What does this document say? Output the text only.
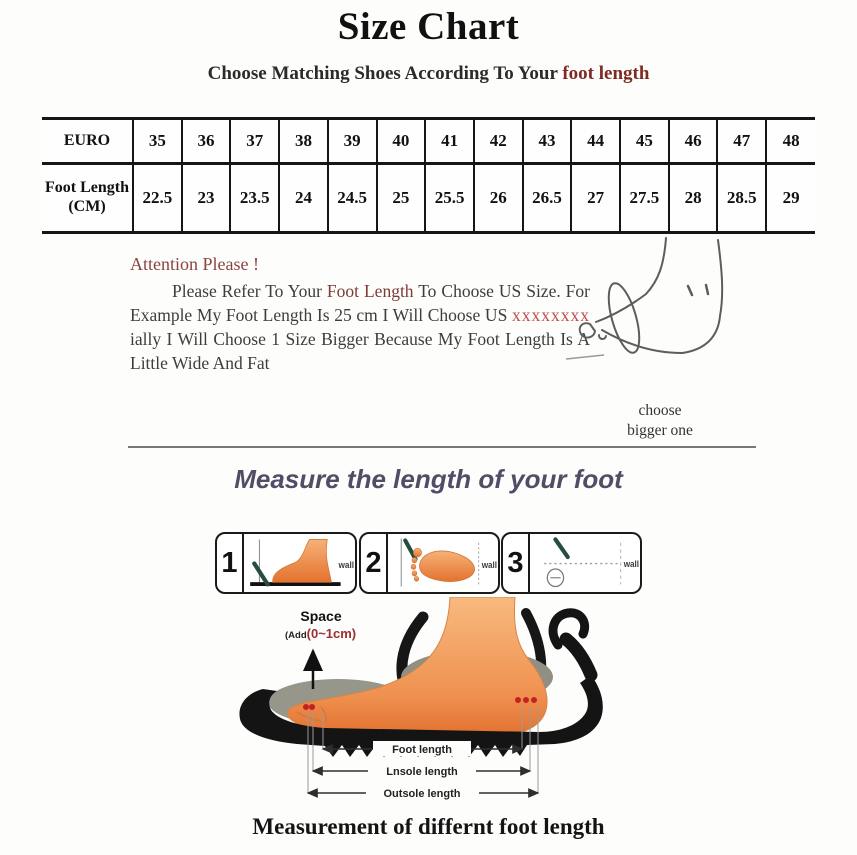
Size Chart
Choose Matching Shoes According To Your foot length
EURO	35	36	37	38	39	40	41	42	43	44	45	46	47	48
Foot Length (CM)	22.5	23	23.5	24	24.5	25	25.5	26	26.5	27	27.5	28	28.5	29

Attention Please !

Please Refer To Your Foot Length To Choose US Size. For Example My Foot Length Is 25 cm I Will Choose US xxxxxxxx ially I Will Choose 1 Size Bigger Because My Foot Length Is A Little Wide And Fat

choose
bigger one
Measure the length of your foot
1	wall 2	wall 3	wall
Space
(Add(0~1cm)
Foot length
Lnsole length
Outsole length
Measurement of differnt foot length
